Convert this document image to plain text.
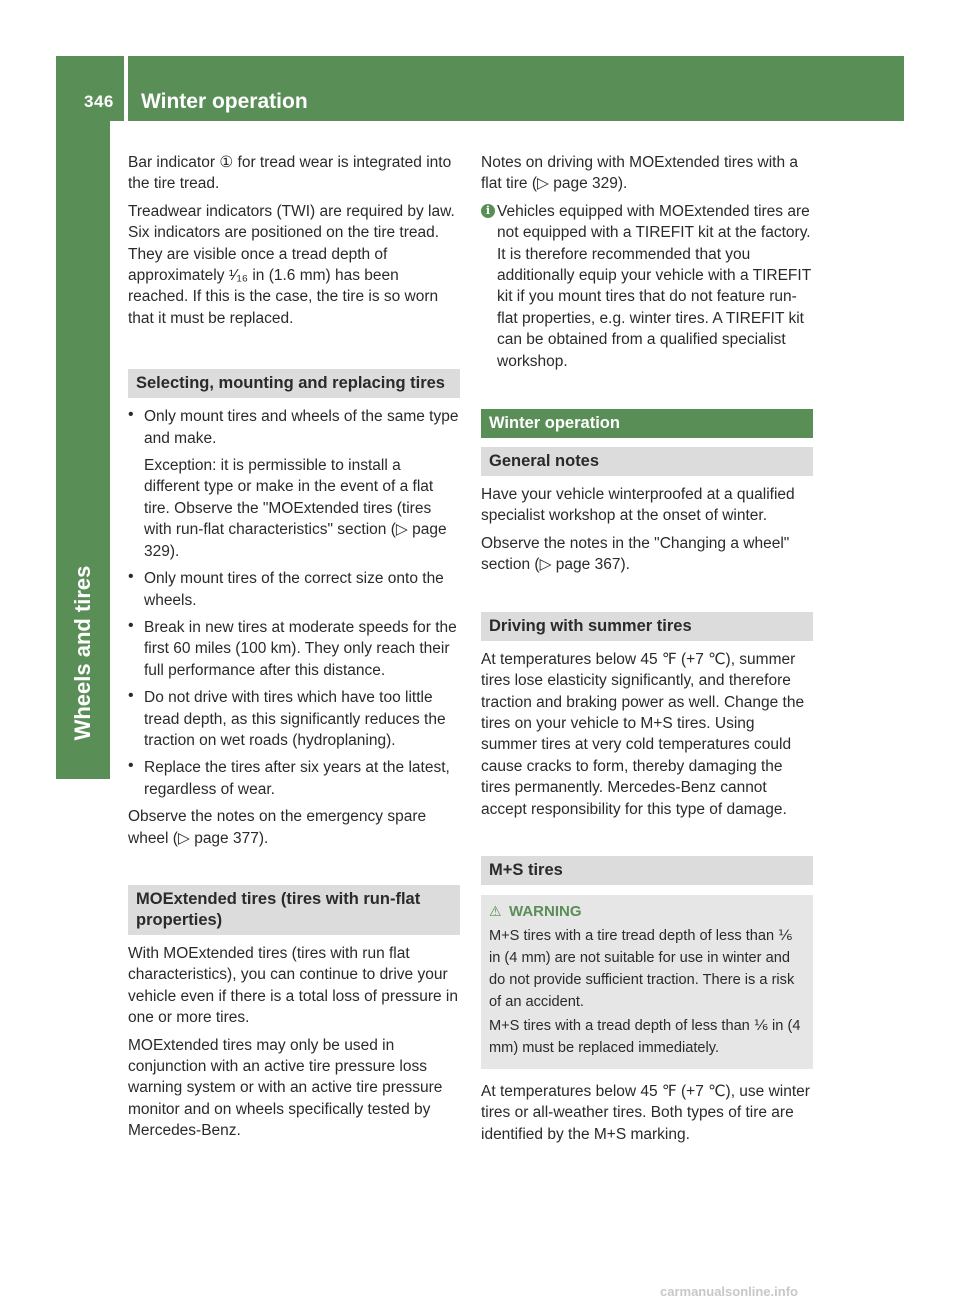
346 Winter operation
Wheels and tires

Bar indicator ① for tread wear is integrated into the tire tread.

Treadwear indicators (TWI) are required by law. Six indicators are positioned on the tire tread. They are visible once a tread depth of approximately ¹⁄₁₆ in (1.6 mm) has been reached. If this is the case, the tire is so worn that it must be replaced.

Selecting, mounting and replacing tires
• Only mount tires and wheels of the same type and make.

Exception: it is permissible to install a different type or make in the event of a flat tire. Observe the "MOExtended tires (tires with run-flat characteristics" section (▷ page 329).

• Only mount tires of the correct size onto the wheels.

• Break in new tires at moderate speeds for the first 60 miles (100 km). They only reach their full performance after this distance.

• Do not drive with tires which have too little tread depth, as this significantly reduces the traction on wet roads (hydroplaning).

• Replace the tires after six years at the latest, regardless of wear.

Observe the notes on the emergency spare wheel (▷ page 377).

MOExtended tires (tires with run-flat properties)

With MOExtended tires (tires with run flat characteristics), you can continue to drive your vehicle even if there is a total loss of pressure in one or more tires.

MOExtended tires may only be used in conjunction with an active tire pressure loss warning system or with an active tire pressure monitor and on wheels specifically tested by Mercedes-Benz.

Notes on driving with MOExtended tires with a flat tire (▷ page 329).

i Vehicles equipped with MOExtended tires are not equipped with a TIREFIT kit at the factory. It is therefore recommended that you additionally equip your vehicle with a TIREFIT kit if you mount tires that do not feature run-flat properties, e.g. winter tires. A TIREFIT kit can be obtained from a qualified specialist workshop.

Winter operation
General notes

Have your vehicle winterproofed at a qualified specialist workshop at the onset of winter.

Observe the notes in the "Changing a wheel" section (▷ page 367).

Driving with summer tires

At temperatures below 45 ℉ (+7 ℃), summer tires lose elasticity significantly, and therefore traction and braking power as well. Change the tires on your vehicle to M+S tires. Using summer tires at very cold temperatures could cause cracks to form, thereby damaging the tires permanently. Mercedes-Benz cannot accept responsibility for this type of damage.

M+S tires
⚠ WARNING

M+S tires with a tire tread depth of less than ⅙ in (4 mm) are not suitable for use in winter and do not provide sufficient traction. There is a risk of an accident.

M+S tires with a tread depth of less than ⅙ in (4 mm) must be replaced immediately.

At temperatures below 45 ℉ (+7 ℃), use winter tires or all-weather tires. Both types of tire are identified by the M+S marking.

carmanualsonline.info
